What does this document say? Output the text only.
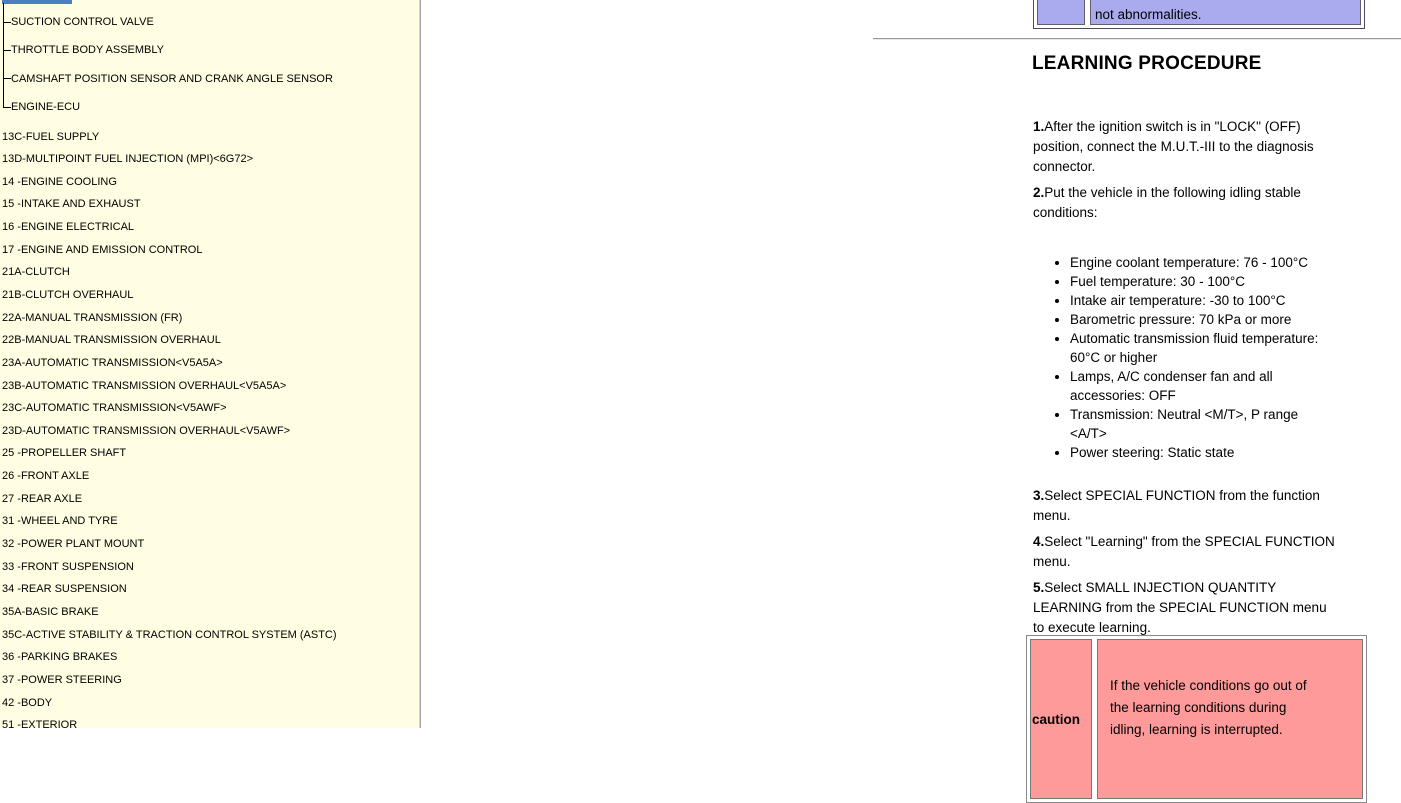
SUCTION CONTROL VALVE
THROTTLE BODY ASSEMBLY
CAMSHAFT POSITION SENSOR AND CRANK ANGLE SENSOR
ENGINE-ECU
13C-FUEL SUPPLY
13D-MULTIPOINT FUEL INJECTION (MPI)<6G72>
14 -ENGINE COOLING
15 -INTAKE AND EXHAUST
16 -ENGINE ELECTRICAL
17 -ENGINE AND EMISSION CONTROL
21A-CLUTCH
21B-CLUTCH OVERHAUL
22A-MANUAL TRANSMISSION (FR)
22B-MANUAL TRANSMISSION OVERHAUL
23A-AUTOMATIC TRANSMISSION<V5A5A>
23B-AUTOMATIC TRANSMISSION OVERHAUL<V5A5A>
23C-AUTOMATIC TRANSMISSION<V5AWF>
23D-AUTOMATIC TRANSMISSION OVERHAUL<V5AWF>
25 -PROPELLER SHAFT
26 -FRONT AXLE
27 -REAR AXLE
31 -WHEEL AND TYRE
32 -POWER PLANT MOUNT
33 -FRONT SUSPENSION
34 -REAR SUSPENSION
35A-BASIC BRAKE
35C-ACTIVE STABILITY & TRACTION CONTROL SYSTEM (ASTC)
36 -PARKING BRAKES
37 -POWER STEERING
42 -BODY
51 -EXTERIOR
not abnormalities.
LEARNING PROCEDURE

1.After the ignition switch is in "LOCK" (OFF) position, connect the M.U.T.-III to the diagnosis connector.

2.Put the vehicle in the following idling stable conditions:

• Engine coolant temperature: 76 - 100°C
• Fuel temperature: 30 - 100°C
• Intake air temperature: -30 to 100°C
• Barometric pressure: 70 kPa or more
• Automatic transmission fluid temperature: 60°C or higher
• Lamps, A/C condenser fan and all accessories: OFF
• Transmission: Neutral <M/T>, P range <A/T>
• Power steering: Static state

3.Select SPECIAL FUNCTION from the function menu.

4.Select "Learning" from the SPECIAL FUNCTION menu.

5.Select SMALL INJECTION QUANTITY LEARNING from the SPECIAL FUNCTION menu to execute learning.

caution
If the vehicle conditions go out of
the learning conditions during
idling, learning is interrupted.
